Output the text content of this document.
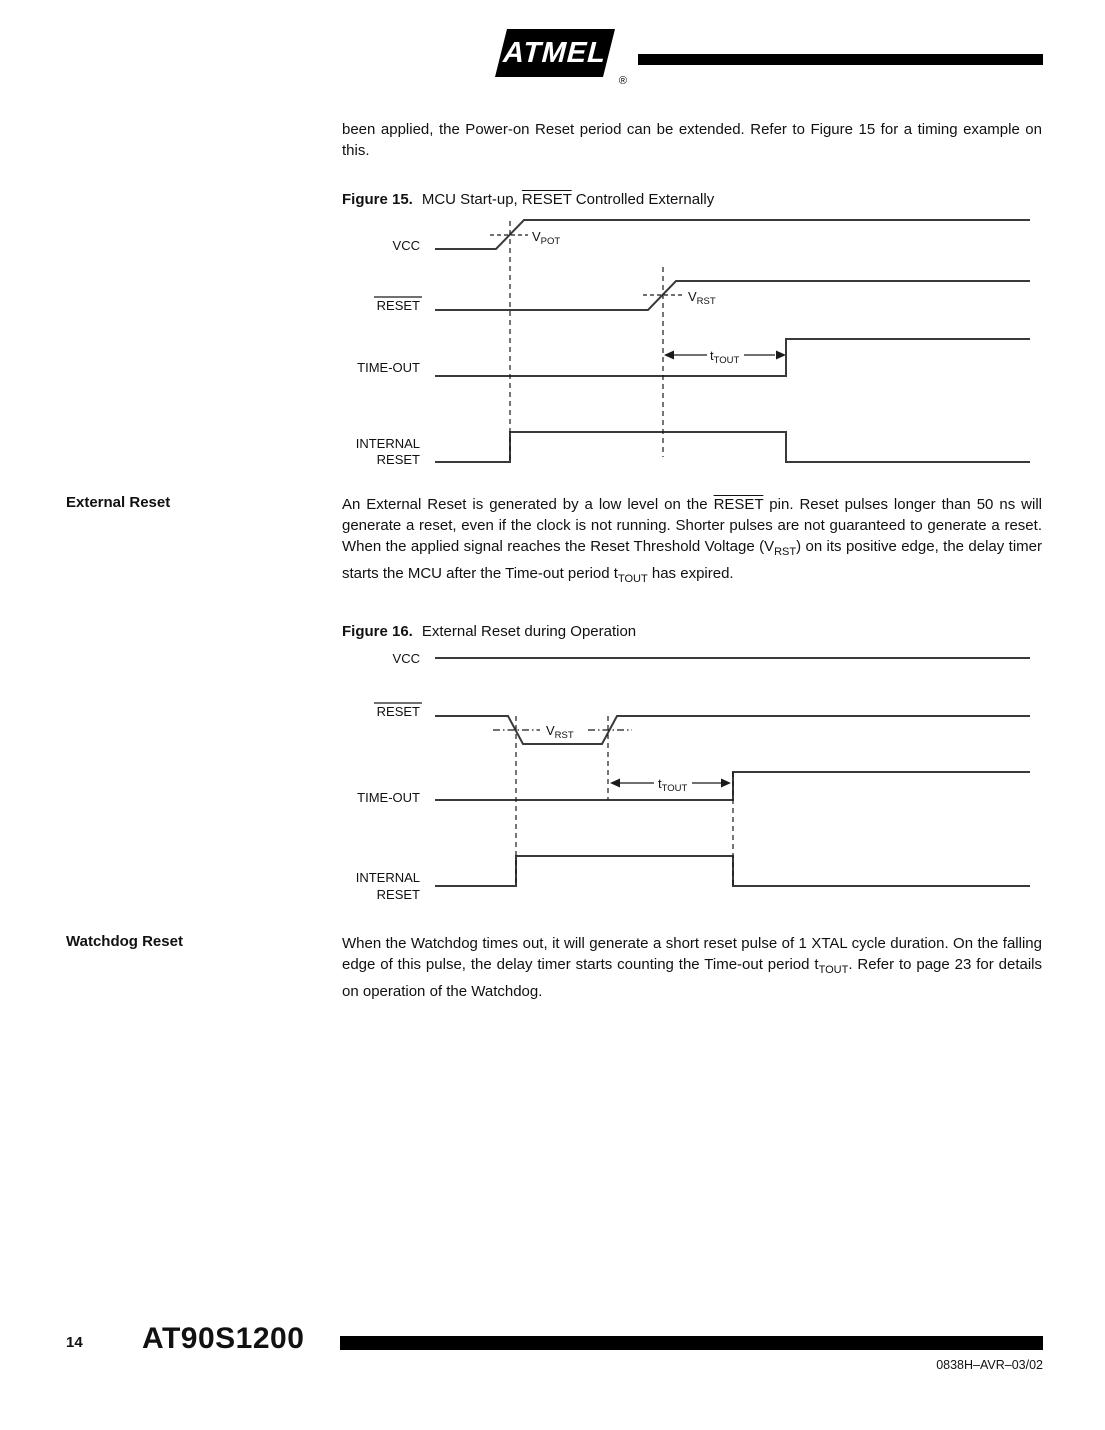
ATMEL
®

been applied, the Power-on Reset period can be extended. Refer to Figure 15 for a timing example on this.

Figure 15. MCU Start-up, RESET Controlled Externally
VCC
RESET
TIME-OUT
INTERNAL
RESET
$V_{POT}$
$V_{RST}$
$t_{TOUT}$
External Reset	An External Reset is generated by a low level on the RESET pin. Reset pulses longer than 50 ns will generate a reset, even if the clock is not running. Shorter pulses are not guaranteed to generate a reset. When the applied signal reaches the Reset Threshold Voltage $(V_{RST})$ on its positive edge, the delay timer starts the MCU after the Time-out period $t_{TOUT}$ has expired.

Figure 16. External Reset during Operation
VCC
RESET
TIME-OUT
INTERNAL
RESET
$V_{RST}$
$t_{TOUT}$
Watchdog Reset	When the Watchdog times out, it will generate a short reset pulse of 1 XTAL cycle duration. On the falling edge of this pulse, the delay timer starts counting the Time-out period $t_{TOUT}$. Refer to page 23 for details on operation of the Watchdog.

14 AT90S1200
0838H–AVR–03/02
